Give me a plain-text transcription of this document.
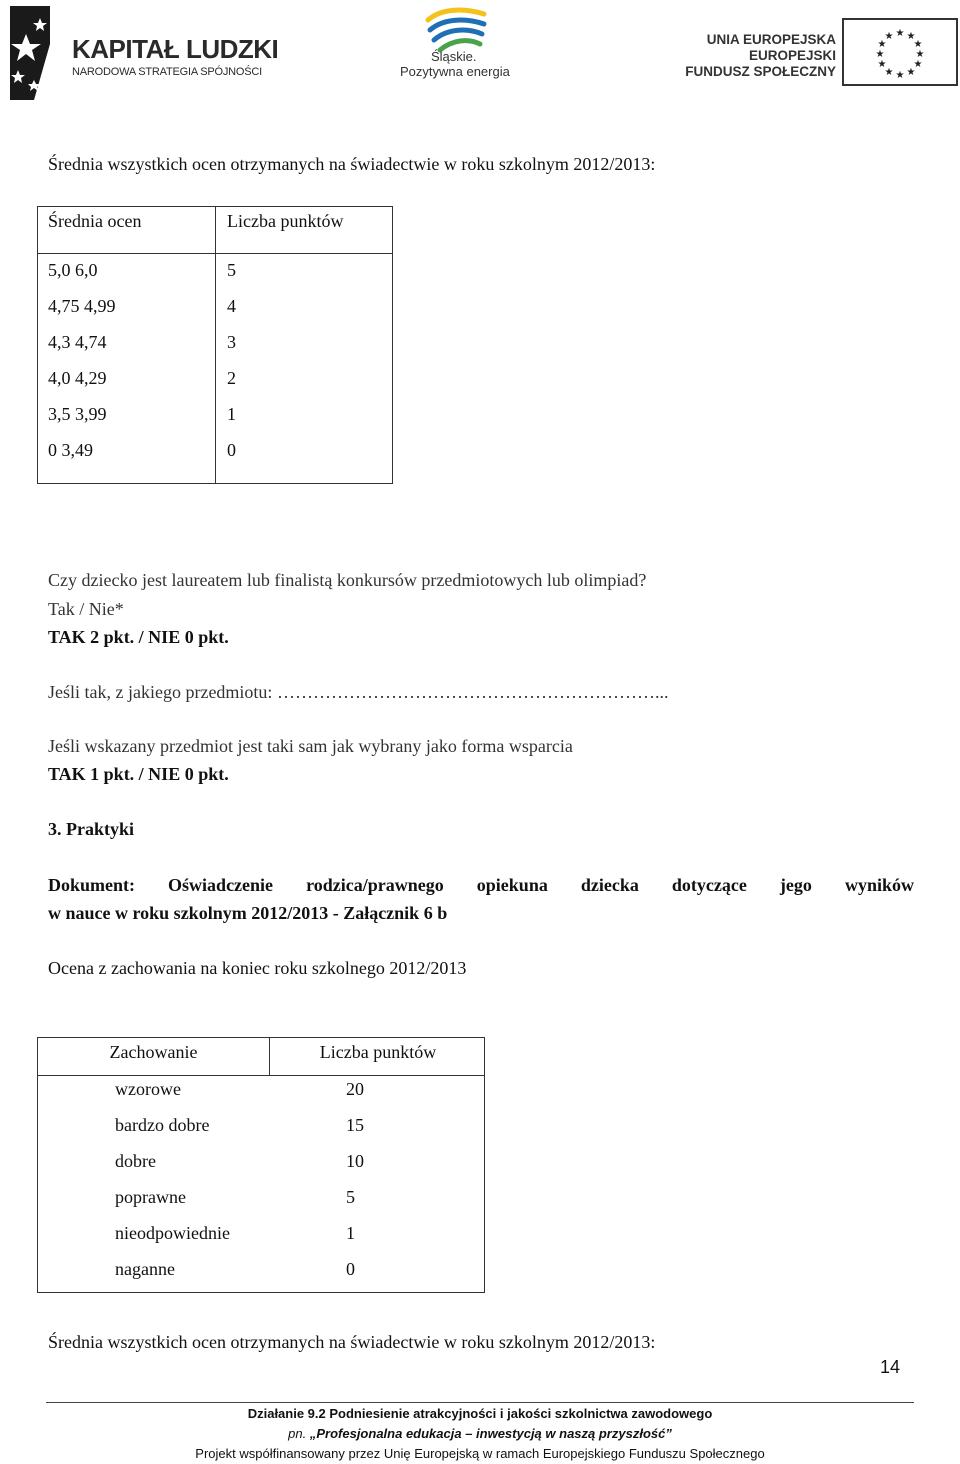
KAPITAŁ LUDZKI
NARODOWA STRATEGIA SPÓJNOŚCI
Śląskie.
Pozytywna energia
UNIA EUROPEJSKA
EUROPEJSKI
FUNDUSZ SPOŁECZNY
★ ★
★
★
★
★
★
★
★
★
★
★
Średnia wszystkich ocen otrzymanych na świadectwie w roku szkolnym 2012/2013:
Średnia ocen	Liczba punktów
5,0 6,0	5
4,75 4,99	4
4,3 4,74	3
4,0 4,29	2
3,5 3,99	1
0 3,49	0
Czy dziecko jest laureatem lub finalistą konkursów przedmiotowych lub olimpiad?
Tak / Nie*
TAK 2 pkt. / NIE 0 pkt.
Jeśli tak, z jakiego przedmiotu: ………………………………………………………...
Jeśli wskazany przedmiot jest taki sam jak wybrany jako forma wsparcia
TAK 1 pkt. / NIE 0 pkt.
3. Praktyki
Dokument: Oświadczenie rodzica/prawnego opiekuna dziecka dotyczące jego wyników
w nauce w roku szkolnym 2012/2013 - Załącznik 6 b
Ocena z zachowania na koniec roku szkolnego 2012/2013
Zachowanie	Liczba punktów
wzorowe	20
bardzo dobre	15
dobre	10
poprawne	5
nieodpowiednie	1
naganne	0
Średnia wszystkich ocen otrzymanych na świadectwie w roku szkolnym 2012/2013:
14
Działanie 9.2 Podniesienie atrakcyjności i jakości szkolnictwa zawodowego
pn. „Profesjonalna edukacja – inwestycją w naszą przyszłość”
Projekt współfinansowany przez Unię Europejską w ramach Europejskiego Funduszu Społecznego
